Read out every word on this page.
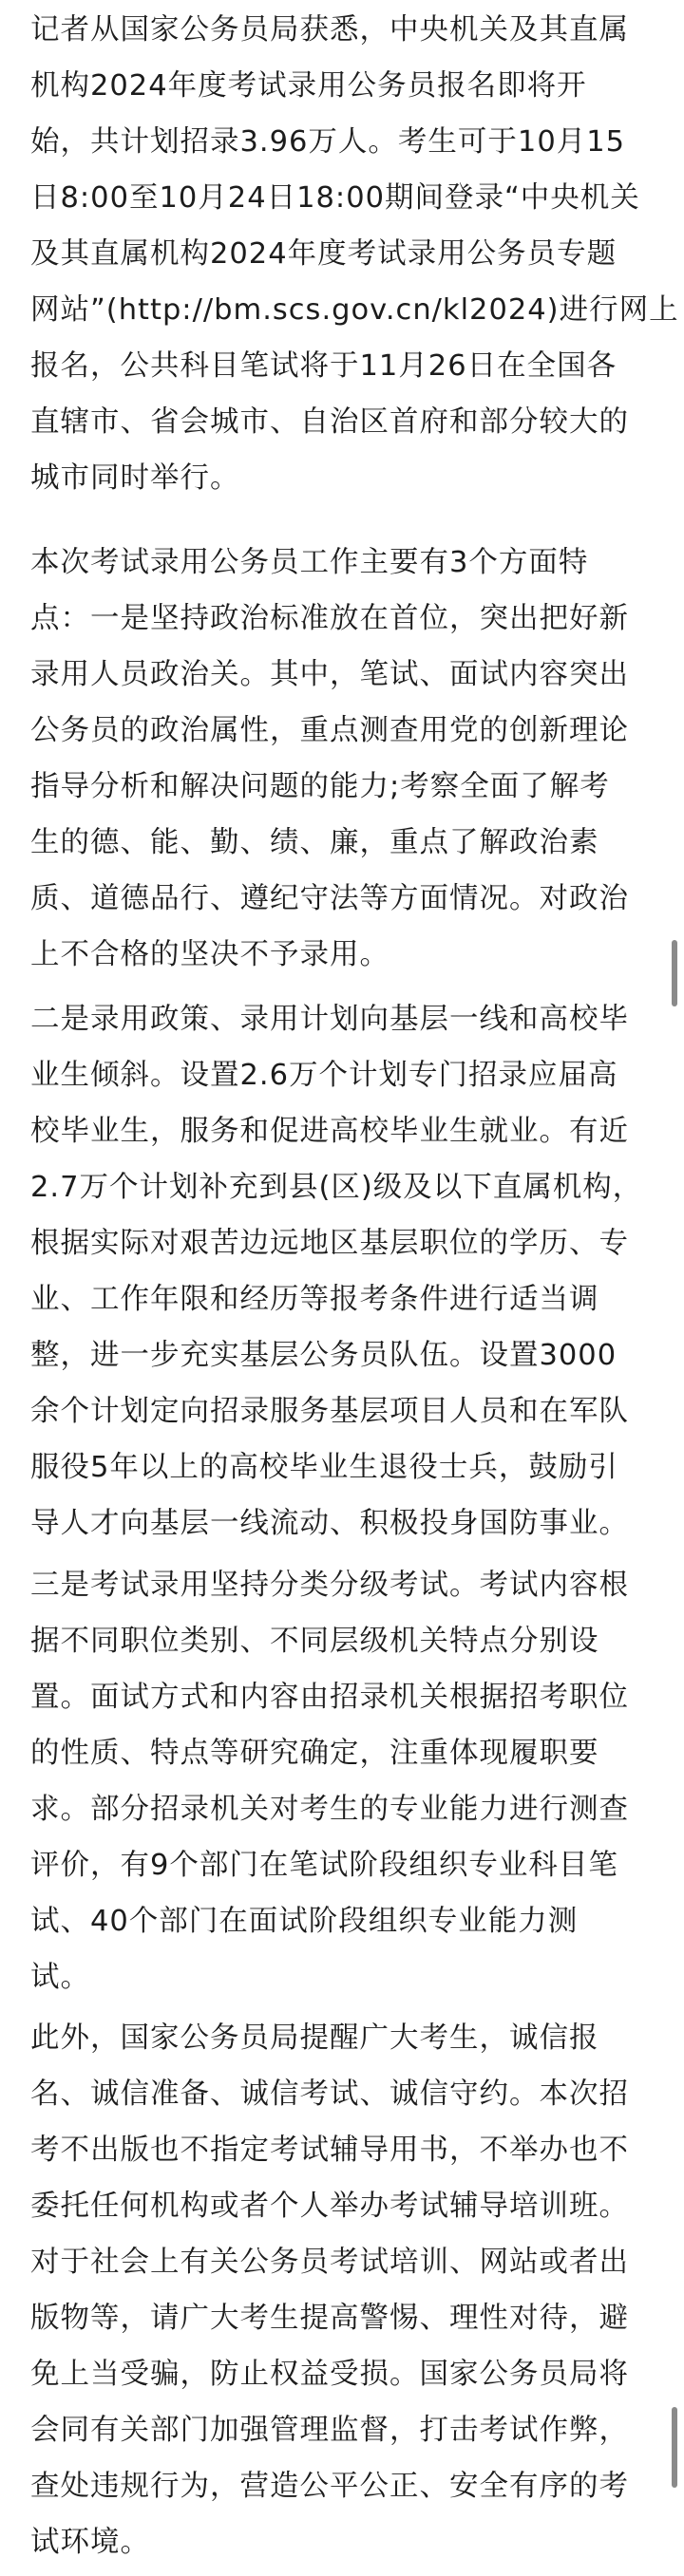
记者从国家公务员局获悉，中央机关及其直属
机构2024年度考试录用公务员报名即将开
始，共计划招录3.96万人。考生可于10月15
日8:00至10月24日18:00期间登录“中央机关
及其直属机构2024年度考试录用公务员专题
网站”(http://bm.scs.gov.cn/kl2024)进行网上
报名，公共科目笔试将于11月26日在全国各
直辖市、省会城市、自治区首府和部分较大的
城市同时举行。

本次考试录用公务员工作主要有3个方面特
点：一是坚持政治标准放在首位，突出把好新
录用人员政治关。其中，笔试、面试内容突出
公务员的政治属性，重点测查用党的创新理论
指导分析和解决问题的能力;考察全面了解考
生的德、能、勤、绩、廉，重点了解政治素
质、道德品行、遵纪守法等方面情况。对政治
上不合格的坚决不予录用。

二是录用政策、录用计划向基层一线和高校毕
业生倾斜。设置2.6万个计划专门招录应届高
校毕业生，服务和促进高校毕业生就业。有近
2.7万个计划补充到县(区)级及以下直属机构，
根据实际对艰苦边远地区基层职位的学历、专
业、工作年限和经历等报考条件进行适当调
整，进一步充实基层公务员队伍。设置3000
余个计划定向招录服务基层项目人员和在军队
服役5年以上的高校毕业生退役士兵，鼓励引
导人才向基层一线流动、积极投身国防事业。

三是考试录用坚持分类分级考试。考试内容根
据不同职位类别、不同层级机关特点分别设
置。面试方式和内容由招录机关根据招考职位
的性质、特点等研究确定，注重体现履职要
求。部分招录机关对考生的专业能力进行测查
评价，有9个部门在笔试阶段组织专业科目笔
试、40个部门在面试阶段组织专业能力测
试。

此外，国家公务员局提醒广大考生，诚信报
名、诚信准备、诚信考试、诚信守约。本次招
考不出版也不指定考试辅导用书，不举办也不
委托任何机构或者个人举办考试辅导培训班。
对于社会上有关公务员考试培训、网站或者出
版物等，请广大考生提高警惕、理性对待，避
免上当受骗，防止权益受损。国家公务员局将
会同有关部门加强管理监督，打击考试作弊，
查处违规行为，营造公平公正、安全有序的考
试环境。
